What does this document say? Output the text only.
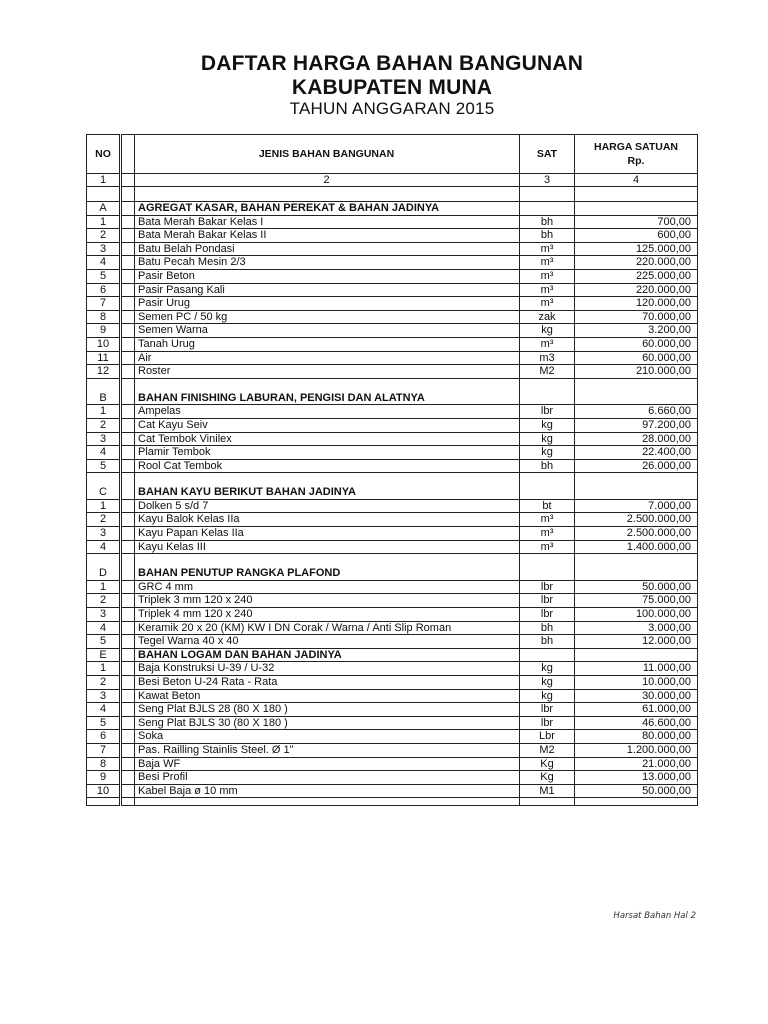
DAFTAR HARGA BAHAN BANGUNAN
KABUPATEN MUNA
TAHUN ANGGARAN 2015
NO		JENIS BAHAN BANGUNAN	SAT	HARGA SATUAN
Rp.

1		2	3	4

A		AGREGAT KASAR, BAHAN PEREKAT & BAHAN JADINYA		
1		Bata Merah Bakar Kelas I	bh	700,00
2		Bata Merah Bakar Kelas II	bh	600,00
3		Batu Belah Pondasi	m³	125.000,00
4		Batu Pecah Mesin 2/3	m³	220.000,00
5		Pasir Beton	m³	225.000,00
6		Pasir Pasang Kali	m³	220.000,00
7		Pasir Urug	m³	120.000,00
8		Semen PC / 50 kg	zak	70.000,00
9		Semen Warna	kg	3.200,00
10		Tanah Urug	m³	60.000,00
11		Air	m3	60.000,00
12		Roster	M2	210.000,00

B		BAHAN FINISHING LABURAN, PENGISI DAN ALATNYA		
1		Ampelas	lbr	6.660,00
2		Cat Kayu Seiv	kg	97.200,00
3		Cat Tembok Vinilex	kg	28.000,00
4		Plamir Tembok	kg	22.400,00
5		Rool Cat Tembok	bh	26.000,00

C		BAHAN KAYU BERIKUT BAHAN JADINYA		
1		Dolken 5 s/d 7	bt	7.000,00
2		Kayu Balok Kelas IIa	m³	2.500.000,00
3		Kayu Papan Kelas IIa	m³	2.500.000,00
4		Kayu Kelas III	m³	1.400.000,00

D		BAHAN PENUTUP RANGKA PLAFOND		
1		GRC 4 mm	lbr	50.000,00
2		Triplek 3 mm 120 x 240	lbr	75.000,00
3		Triplek 4 mm 120 x 240	lbr	100.000,00
4		Keramik 20 x 20 (KM) KW I DN Corak / Warna / Anti Slip Roman	bh	3.000,00
5		Tegel Warna 40 x 40	bh	12.000,00
E		BAHAN LOGAM DAN BAHAN JADINYA		
1		Baja Konstruksi U-39 / U-32	kg	11.000,00
2		Besi Beton U-24 Rata - Rata	kg	10.000,00
3		Kawat Beton	kg	30.000,00
4		Seng Plat BJLS 28 (80 X 180 )	lbr	61.000,00
5		Seng Plat BJLS 30 (80 X 180 )	lbr	46.600,00
6		Soka	Lbr	80.000,00
7		Pas. Railling Stainlis Steel. Ø 1"	M2	1.200.000,00
8		Baja WF	Kg	21.000,00
9		Besi Profil	Kg	13.000,00
10		Kabel Baja ø 10 mm	M1	50.000,00

Harsat Bahan Hal 2
